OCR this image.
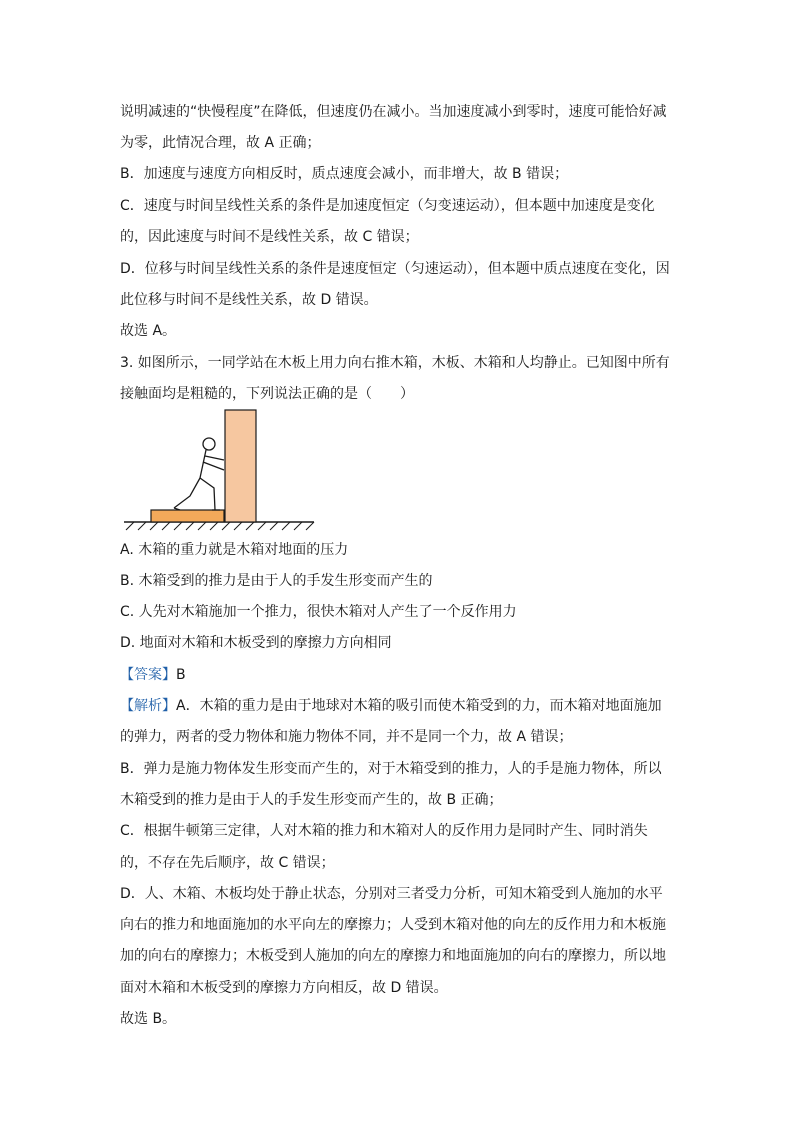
说明减速的“快慢程度”在降低，但速度仍在减小。当加速度减小到零时，速度可能恰好减
为零，此情况合理，故 A 正确；
B．加速度与速度方向相反时，质点速度会减小，而非增大，故 B 错误；
C．速度与时间呈线性关系的条件是加速度恒定（匀变速运动），但本题中加速度是变化
的，因此速度与时间不是线性关系，故 C 错误；
D．位移与时间呈线性关系的条件是速度恒定（匀速运动），但本题中质点速度在变化，因
此位移与时间不是线性关系，故 D 错误。
故选 A。
3. 如图所示，一同学站在木板上用力向右推木箱，木板、木箱和人均静止。已知图中所有
接触面均是粗糙的，下列说法正确的是（　　）
A. 木箱的重力就是木箱对地面的压力
B. 木箱受到的推力是由于人的手发生形变而产生的
C. 人先对木箱施加一个推力，很快木箱对人产生了一个反作用力
D. 地面对木箱和木板受到的摩擦力方向相同
【答案】B
【解析】A．木箱的重力是由于地球对木箱的吸引而使木箱受到的力，而木箱对地面施加
的弹力，两者的受力物体和施力物体不同，并不是同一个力，故 A 错误；
B．弹力是施力物体发生形变而产生的，对于木箱受到的推力，人的手是施力物体，所以
木箱受到的推力是由于人的手发生形变而产生的，故 B 正确；
C．根据牛顿第三定律，人对木箱的推力和木箱对人的反作用力是同时产生、同时消失
的，不存在先后顺序，故 C 错误；
D．人、木箱、木板均处于静止状态，分别对三者受力分析，可知木箱受到人施加的水平
向右的推力和地面施加的水平向左的摩擦力；人受到木箱对他的向左的反作用力和木板施
加的向右的摩擦力；木板受到人施加的向左的摩擦力和地面施加的向右的摩擦力，所以地
面对木箱和木板受到的摩擦力方向相反，故 D 错误。
故选 B。
